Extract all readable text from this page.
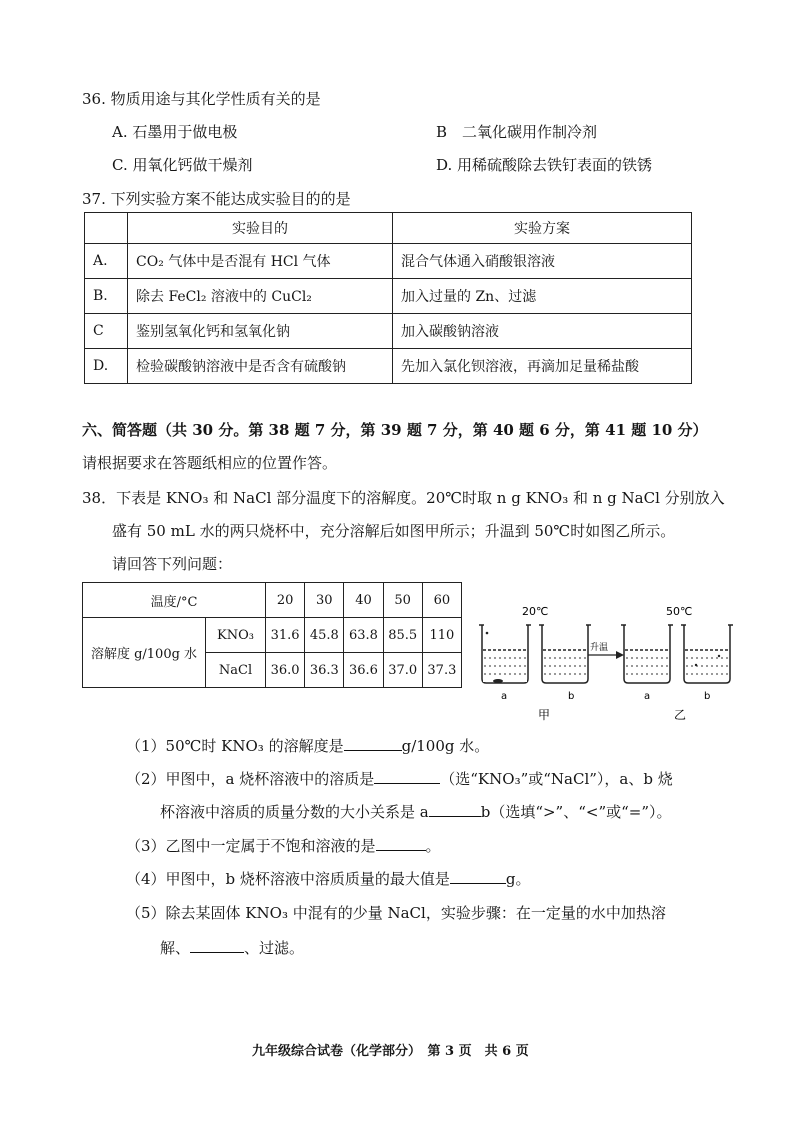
36. 物质用途与其化学性质有关的是
A. 石墨用于做电极	B　二氧化碳用作制冷剂
C. 用氧化钙做干燥剂	D. 用稀硫酸除去铁钉表面的铁锈
37. 下列实验方案不能达成实验目的的是
	实验目的	实验方案
A.	CO₂ 气体中是否混有 HCl 气体	混合气体通入硝酸银溶液
B.	除去 FeCl₂ 溶液中的 CuCl₂	加入过量的 Zn、过滤
C	鉴别氢氧化钙和氢氧化钠	加入碳酸钠溶液
D.	检验碳酸钠溶液中是否含有硫酸钠	先加入氯化钡溶液，再滴加足量稀盐酸
六、简答题（共 30 分。第 38 题 7 分，第 39 题 7 分，第 40 题 6 分，第 41 题 10 分）
请根据要求在答题纸相应的位置作答。
38．下表是 KNO₃ 和 NaCl 部分温度下的溶解度。20℃时取 n g KNO₃ 和 n g NaCl 分别放入
盛有 50 mL 水的两只烧杯中，充分溶解后如图甲所示；升温到 50℃时如图乙所示。
请回答下列问题：
温度/°C		20	30	40	50	60
溶解度 g/100g 水	KNO₃	31.6	45.8	63.8	85.5	110
	NaCl	36.0	36.3	36.6	37.0	37.3
20℃	50℃
a	b
升温
a	b
甲	乙
（1）50℃时 KNO₃ 的溶解度是	g/100g 水。
（2）甲图中，a 烧杯溶液中的溶质是	（选“KNO₃”或“NaCl”），a、b 烧
杯溶液中溶质的质量分数的大小关系是 a	b（选填“>”、“<”或“=”）。
（3）乙图中一定属于不饱和溶液的是	。
（4）甲图中，b 烧杯溶液中溶质质量的最大值是	g。
（5）除去某固体 KNO₃ 中混有的少量 NaCl，实验步骤：在一定量的水中加热溶
解、	、过滤。
九年级综合试卷（化学部分）　第 3 页　共 6 页
